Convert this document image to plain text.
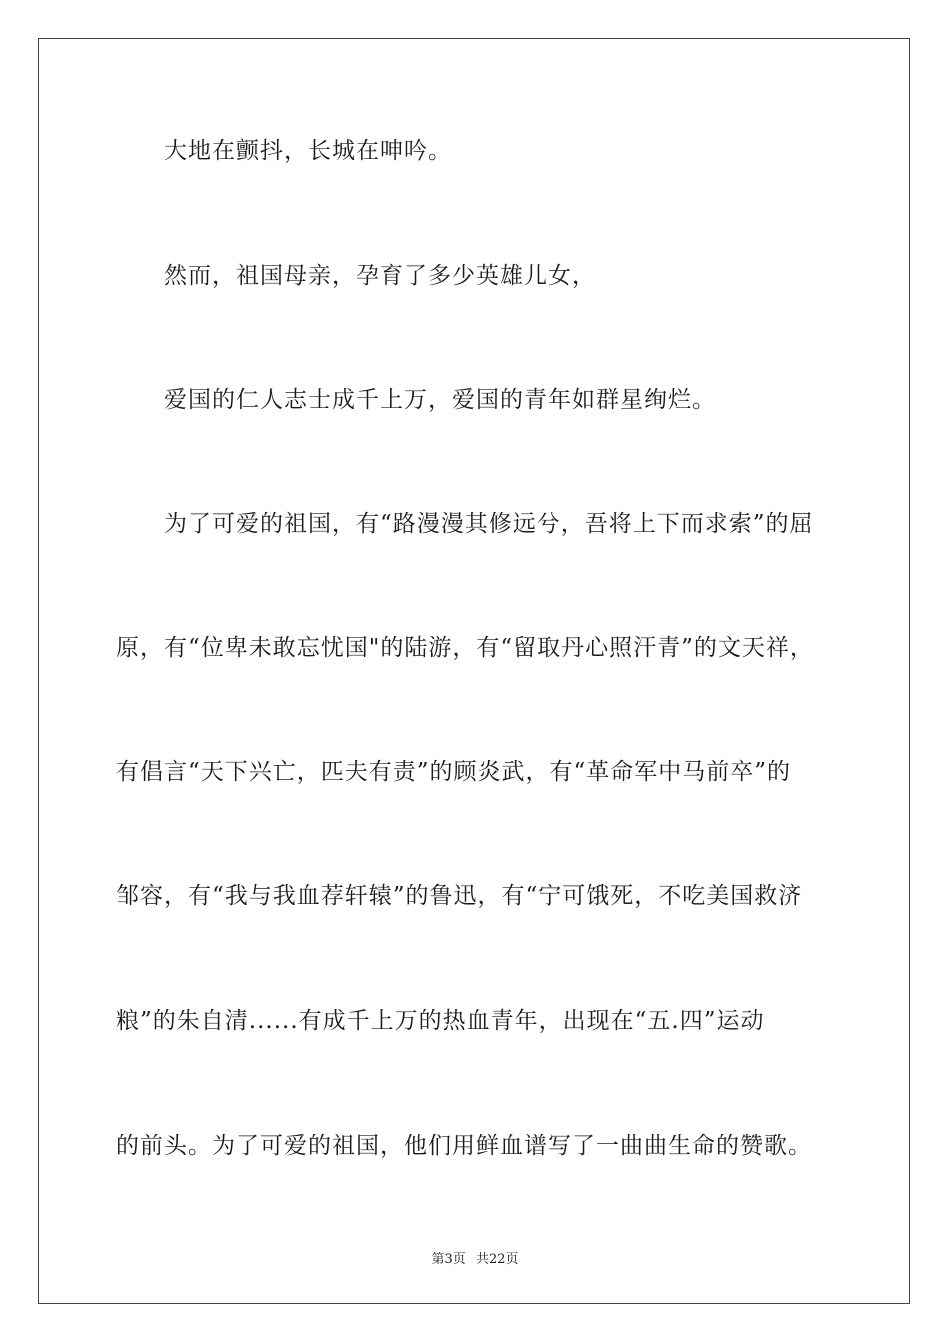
大地在颤抖，长城在呻吟。
然而，祖国母亲，孕育了多少英雄儿女，
爱国的仁人志士成千上万，爱国的青年如群星绚烂。
为了可爱的祖国，有“路漫漫其修远兮，吾将上下而求索”的屈
原，有“位卑未敢忘忧国"的陆游，有“留取丹心照汗青”的文天祥，
有倡言“天下兴亡，匹夫有责”的顾炎武，有“革命军中马前卒”的
邹容，有“我与我血荐轩辕”的鲁迅，有“宁可饿死，不吃美国救济
粮”的朱自清......有成千上万的热血青年，出现在“五.四”运动
的前头。为了可爱的祖国，他们用鲜血谱写了一曲曲生命的赞歌。
第3页 共22页
